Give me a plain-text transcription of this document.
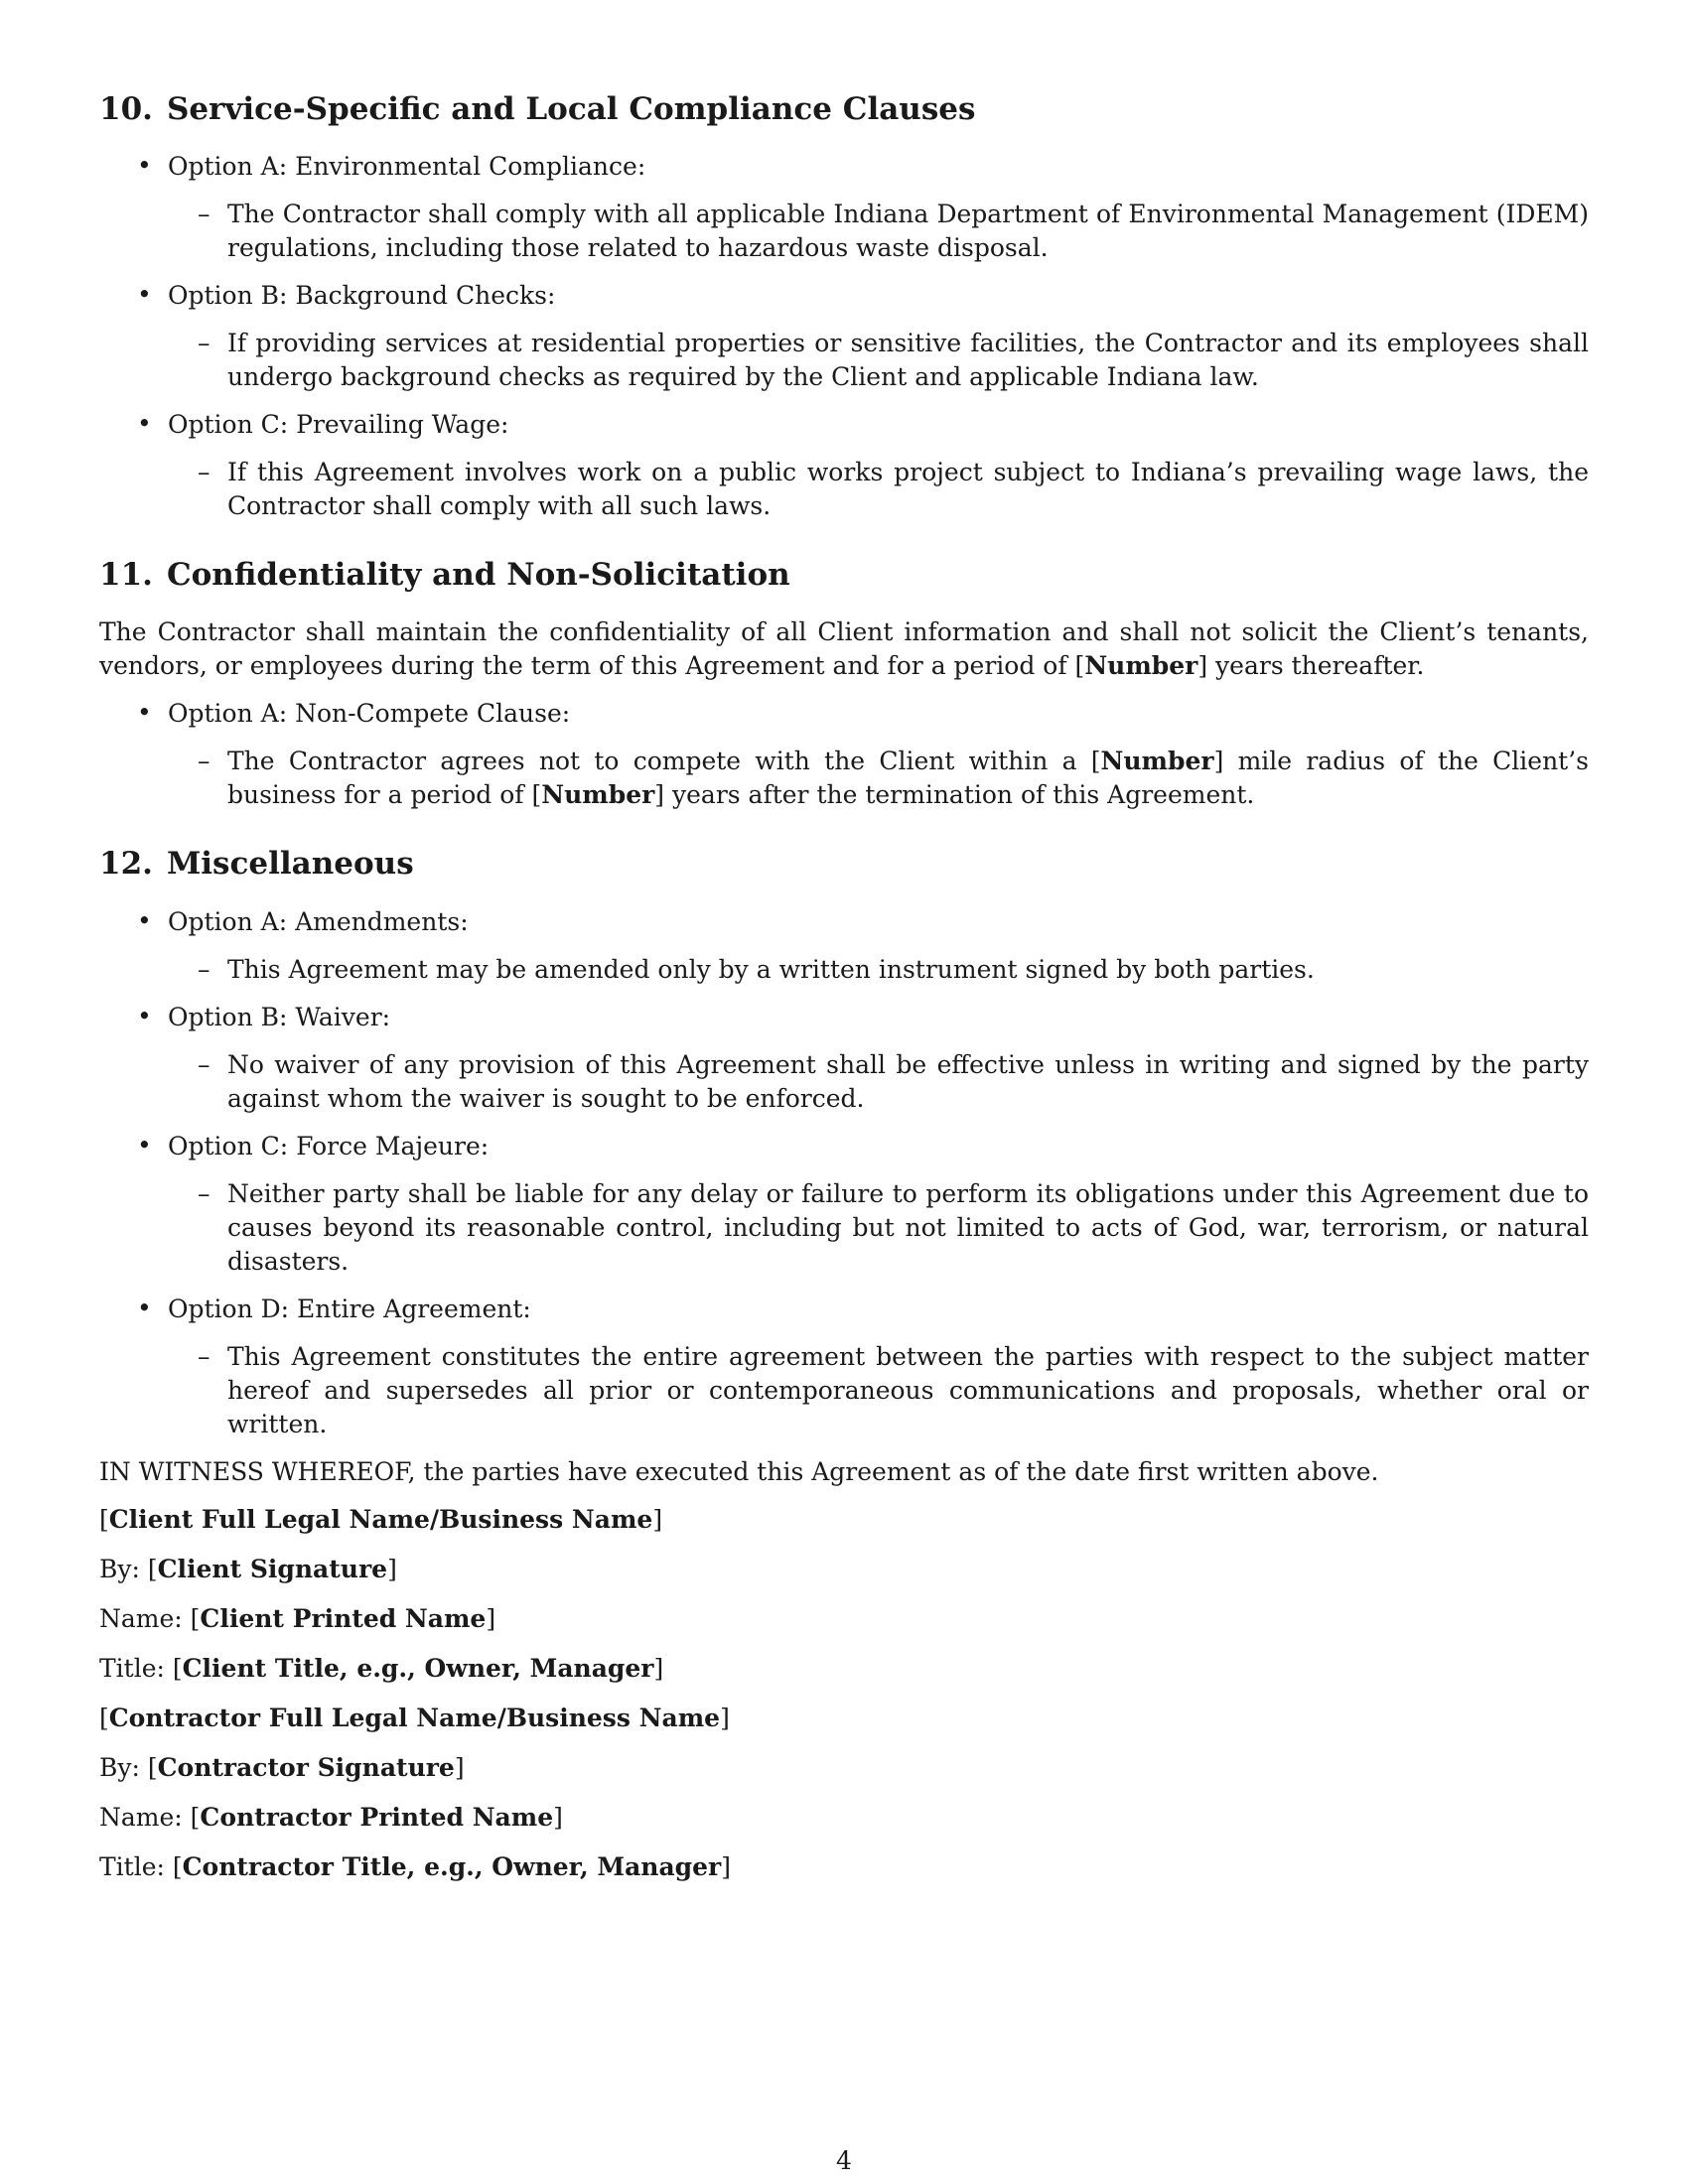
10. Service-Specific and Local Compliance Clauses
• Option A: Environmental Compliance:
– The Contractor shall comply with all applicable Indiana Department of Environmental Management (IDEM) regulations, including those related to hazardous waste disposal.
• Option B: Background Checks:
– If providing services at residential properties or sensitive facilities, the Contractor and its employees shall undergo background checks as required by the Client and applicable Indiana law.
• Option C: Prevailing Wage:
– If this Agreement involves work on a public works project subject to Indiana’s prevailing wage laws, the Contractor shall comply with all such laws.
11. Confidentiality and Non-Solicitation

The Contractor shall maintain the confidentiality of all Client information and shall not solicit the Client’s tenants, vendors, or employees during the term of this Agreement and for a period of [Number] years thereafter.

• Option A: Non-Compete Clause:
– The Contractor agrees not to compete with the Client within a [Number] mile radius of the Client’s business for a period of [Number] years after the termination of this Agreement.
12. Miscellaneous
• Option A: Amendments:
– This Agreement may be amended only by a written instrument signed by both parties.
• Option B: Waiver:
– No waiver of any provision of this Agreement shall be effective unless in writing and signed by the party against whom the waiver is sought to be enforced.
• Option C: Force Majeure:
– Neither party shall be liable for any delay or failure to perform its obligations under this Agreement due to causes beyond its reasonable control, including but not limited to acts of God, war, terrorism, or natural disasters.
• Option D: Entire Agreement:
– This Agreement constitutes the entire agreement between the parties with respect to the subject matter hereof and supersedes all prior or contemporaneous communications and proposals, whether oral or written.

IN WITNESS WHEREOF, the parties have executed this Agreement as of the date first written above.

[Client Full Legal Name/Business Name]

By: [Client Signature]

Name: [Client Printed Name]

Title: [Client Title, e.g., Owner, Manager]

[Contractor Full Legal Name/Business Name]

By: [Contractor Signature]

Name: [Contractor Printed Name]

Title: [Contractor Title, e.g., Owner, Manager]

4
